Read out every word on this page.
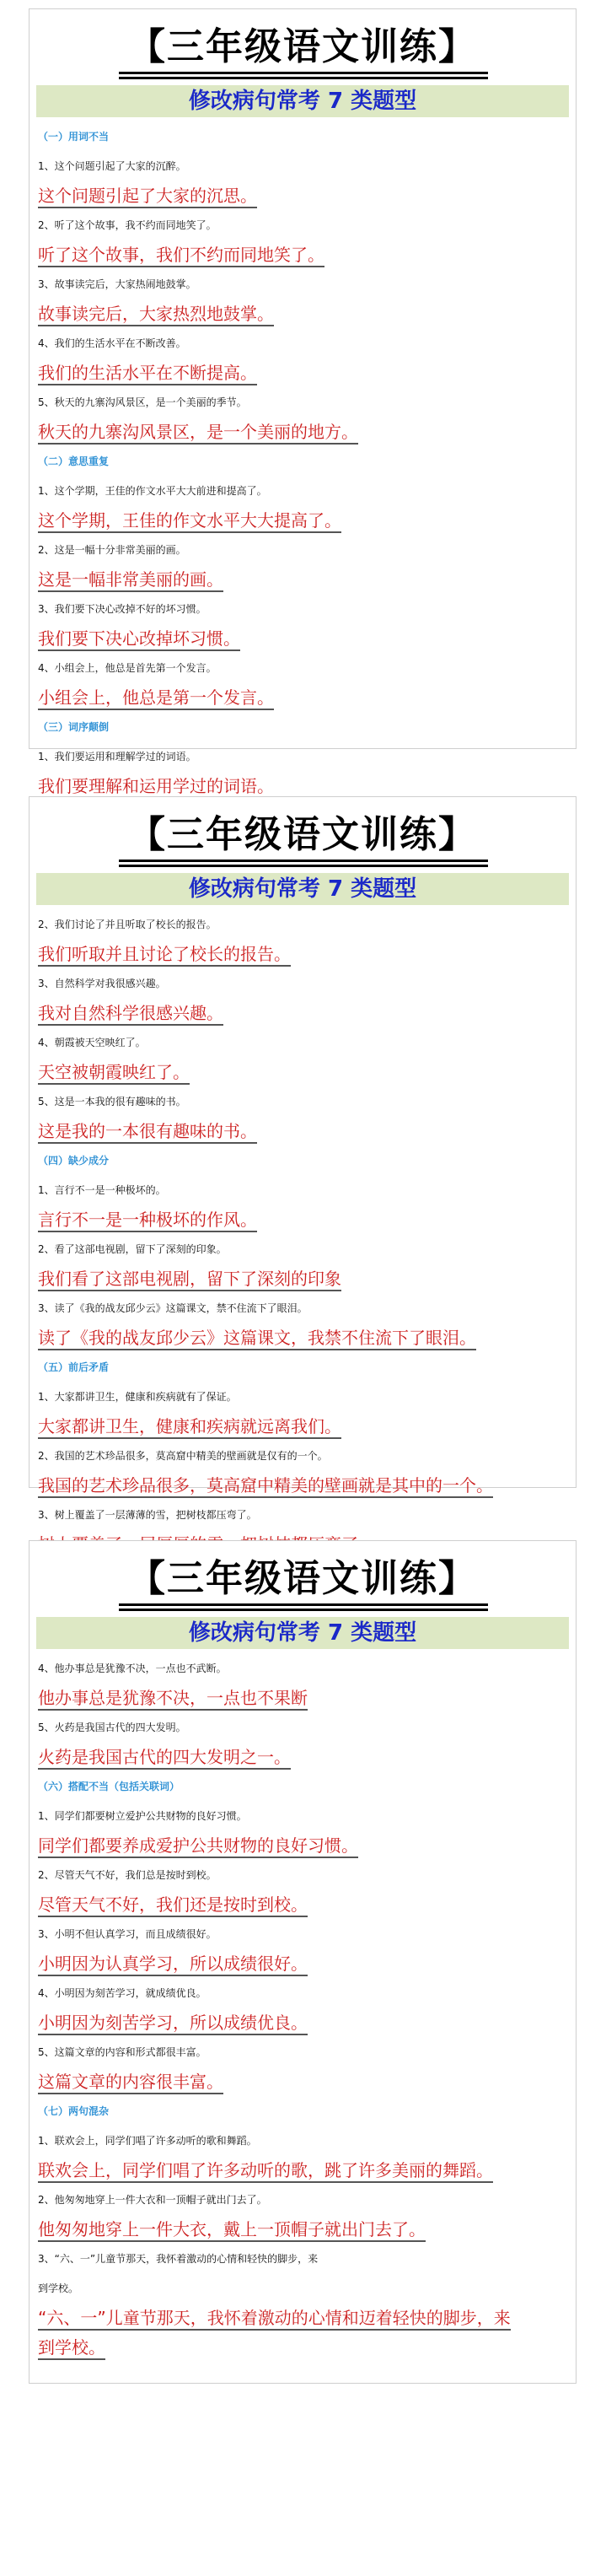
【三年级语文训练】
修改病句常考 7 类题型
（一）用词不当
1、这个问题引起了大家的沉醉。
这个问题引起了大家的沉思。
2、听了这个故事，我不约而同地笑了。
听了这个故事，我们不约而同地笑了。
3、故事读完后，大家热闹地鼓掌。
故事读完后，大家热烈地鼓掌。
4、我们的生活水平在不断改善。
我们的生活水平在不断提高。
5、秋天的九寨沟风景区，是一个美丽的季节。
秋天的九寨沟风景区，是一个美丽的地方。
（二）意思重复
1、这个学期，王佳的作文水平大大前进和提高了。
这个学期，王佳的作文水平大大提高了。
2、这是一幅十分非常美丽的画。
这是一幅非常美丽的画。
3、我们要下决心改掉不好的坏习惯。
我们要下决心改掉坏习惯。
4、小组会上，他总是首先第一个发言。
小组会上，他总是第一个发言。
（三）词序颠倒
1、我们要运用和理解学过的词语。
我们要理解和运用学过的词语。
【三年级语文训练】
修改病句常考 7 类题型
2、我们讨论了并且听取了校长的报告。
我们听取并且讨论了校长的报告。
3、自然科学对我很感兴趣。
我对自然科学很感兴趣。
4、朝霞被天空映红了。
天空被朝霞映红了。
5、这是一本我的很有趣味的书。
这是我的一本很有趣味的书。
（四）缺少成分
1、言行不一是一种极坏的。
言行不一是一种极坏的作风。
2、看了这部电视剧，留下了深刻的印象。
我们看了这部电视剧，留下了深刻的印象
3、读了《我的战友邱少云》这篇课文，禁不住流下了眼泪。
读了《我的战友邱少云》这篇课文，我禁不住流下了眼泪。
（五）前后矛盾
1、大家都讲卫生，健康和疾病就有了保证。
大家都讲卫生，健康和疾病就远离我们。
2、我国的艺术珍品很多，莫高窟中精美的壁画就是仅有的一个。
我国的艺术珍品很多，莫高窟中精美的壁画就是其中的一个。
3、树上覆盖了一层薄薄的雪，把树枝都压弯了。
【三年级语文训练】
修改病句常考 7 类题型
4、他办事总是犹豫不决，一点也不武断。
他办事总是犹豫不决，一点也不果断
5、火药是我国古代的四大发明。
火药是我国古代的四大发明之一。
（六）搭配不当（包括关联词）
1、同学们都要树立爱护公共财物的良好习惯。
同学们都要养成爱护公共财物的良好习惯。
2、尽管天气不好，我们总是按时到校。
尽管天气不好，我们还是按时到校。
3、小明不但认真学习，而且成绩很好。
小明因为认真学习，所以成绩很好。
4、小明因为刻苦学习，就成绩优良。
小明因为刻苦学习，所以成绩优良。
5、这篇文章的内容和形式都很丰富。
这篇文章的内容很丰富。
（七）两句混杂
1、联欢会上，同学们唱了许多动听的歌和舞蹈。
联欢会上，同学们唱了许多动听的歌，跳了许多美丽的舞蹈。
2、他匆匆地穿上一件大衣和一顶帽子就出门去了。
他匆匆地穿上一件大衣，戴上一顶帽子就出门去了。
3、“六、一”儿童节那天，我怀着激动的心情和轻快的脚步，来
到学校。
“六、一”儿童节那天，我怀着激动的心情和迈着轻快的脚步，来
到学校。
